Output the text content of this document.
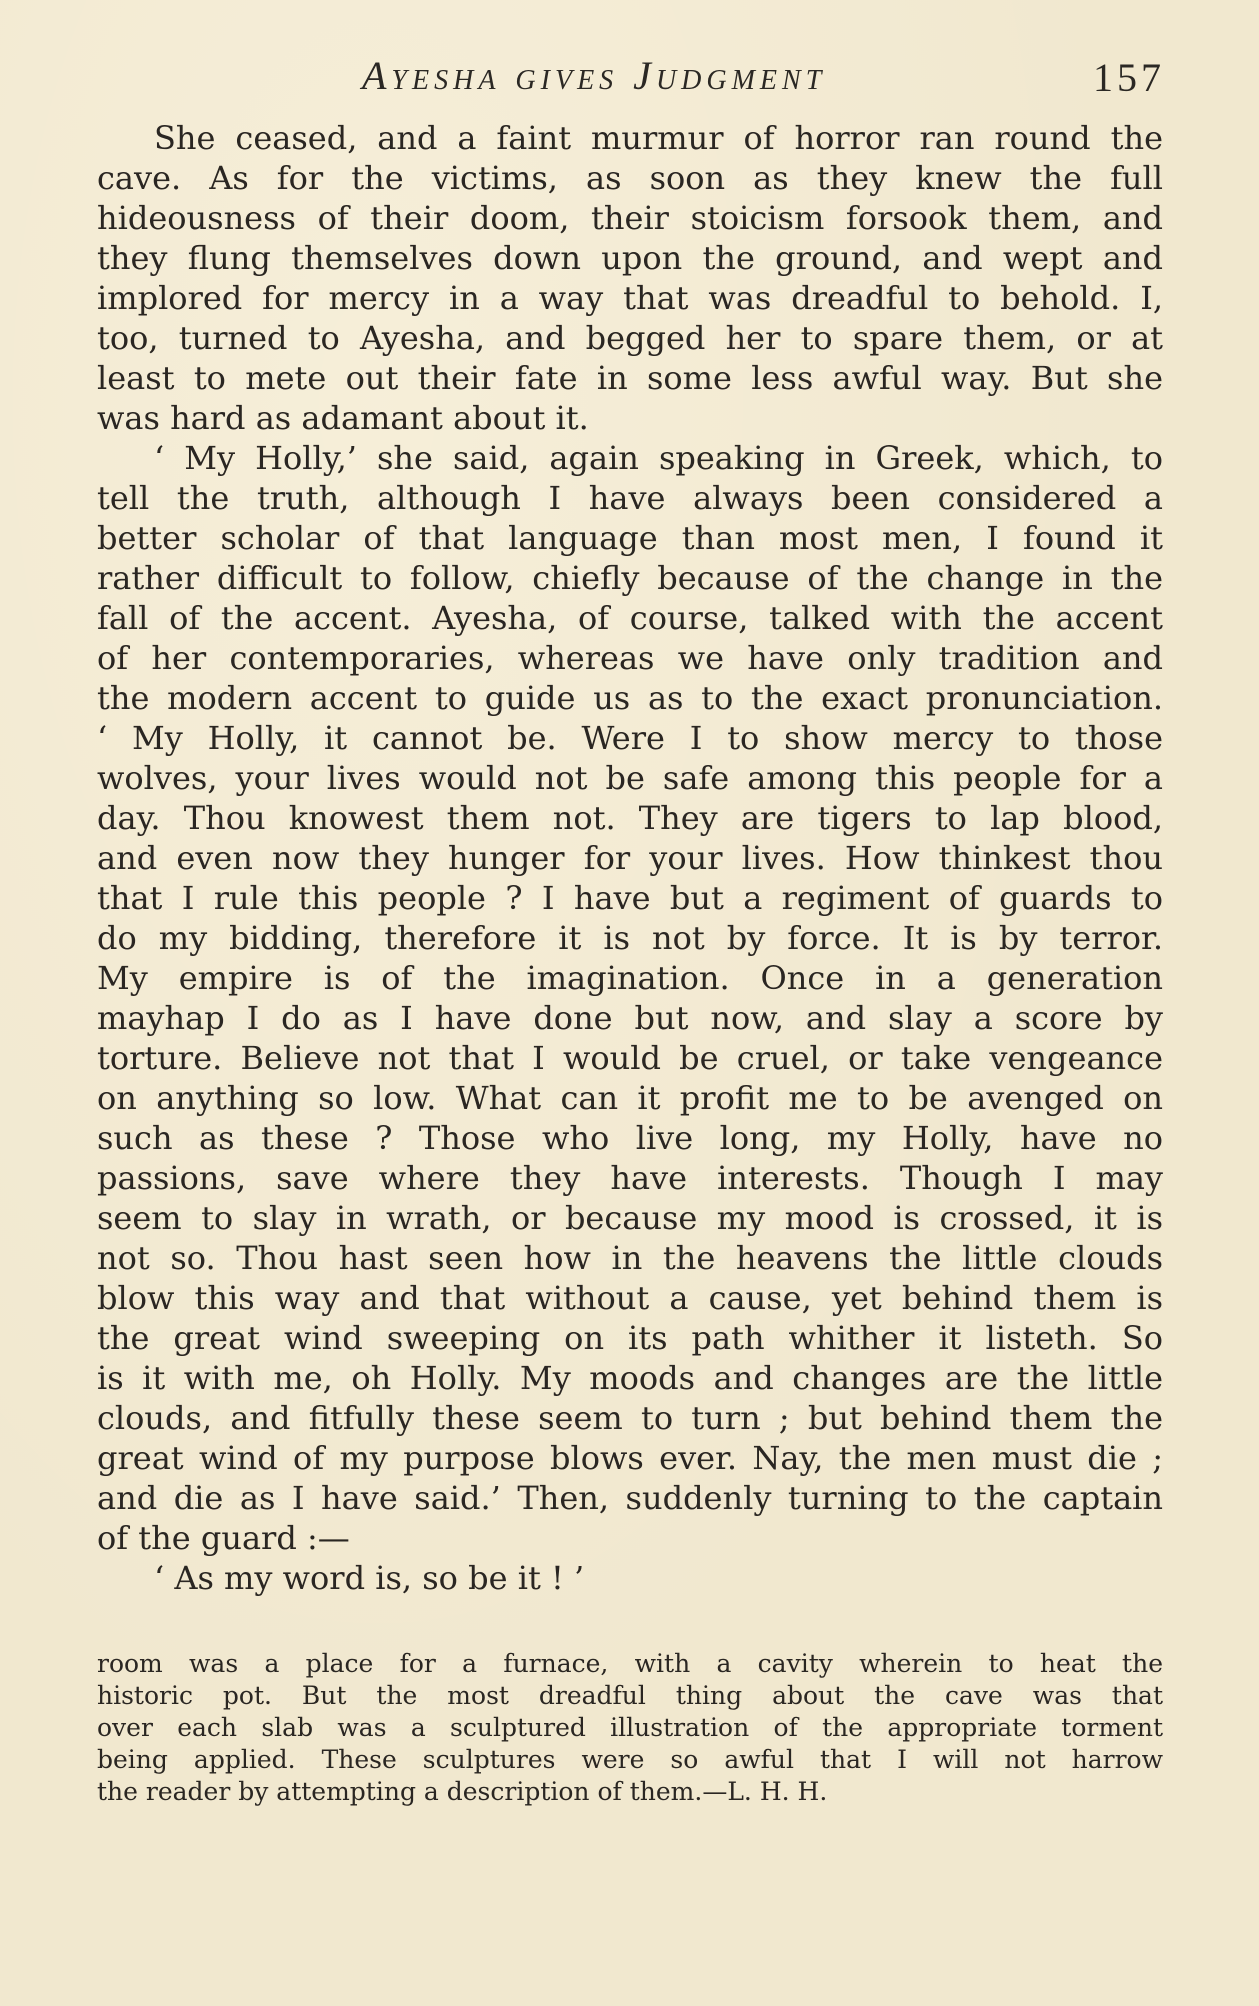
Ayesha gives Judgment	157
She ceased, and a faint murmur of horror ran round the
cave. As for the victims, as soon as they knew the full
hideousness of their doom, their stoicism forsook them, and
they flung themselves down upon the ground, and wept and
implored for mercy in a way that was dreadful to behold. I,
too, turned to Ayesha, and begged her to spare them, or at
least to mete out their fate in some less awful way. But she
was hard as adamant about it.
‘ My Holly,’ she said, again speaking in Greek, which, to
tell the truth, although I have always been considered a
better scholar of that language than most men, I found it
rather difficult to follow, chiefly because of the change in the
fall of the accent. Ayesha, of course, talked with the accent
of her contemporaries, whereas we have only tradition and
the modern accent to guide us as to the exact pronunciation.
‘ My Holly, it cannot be. Were I to show mercy to those
wolves, your lives would not be safe among this people for a
day. Thou knowest them not. They are tigers to lap blood,
and even now they hunger for your lives. How thinkest thou
that I rule this people ? I have but a regiment of guards to
do my bidding, therefore it is not by force. It is by terror.
My empire is of the imagination. Once in a generation
mayhap I do as I have done but now, and slay a score by
torture. Believe not that I would be cruel, or take vengeance
on anything so low. What can it profit me to be avenged on
such as these ? Those who live long, my Holly, have no
passions, save where they have interests. Though I may
seem to slay in wrath, or because my mood is crossed, it is
not so. Thou hast seen how in the heavens the little clouds
blow this way and that without a cause, yet behind them is
the great wind sweeping on its path whither it listeth. So
is it with me, oh Holly. My moods and changes are the little
clouds, and fitfully these seem to turn ; but behind them the
great wind of my purpose blows ever. Nay, the men must die ;
and die as I have said.’ Then, suddenly turning to the captain
of the guard :—
‘ As my word is, so be it ! ’
room was a place for a furnace, with a cavity wherein to heat the
historic pot. But the most dreadful thing about the cave was that
over each slab was a sculptured illustration of the appropriate torment
being applied. These sculptures were so awful that I will not harrow
the reader by attempting a description of them.—L. H. H.
